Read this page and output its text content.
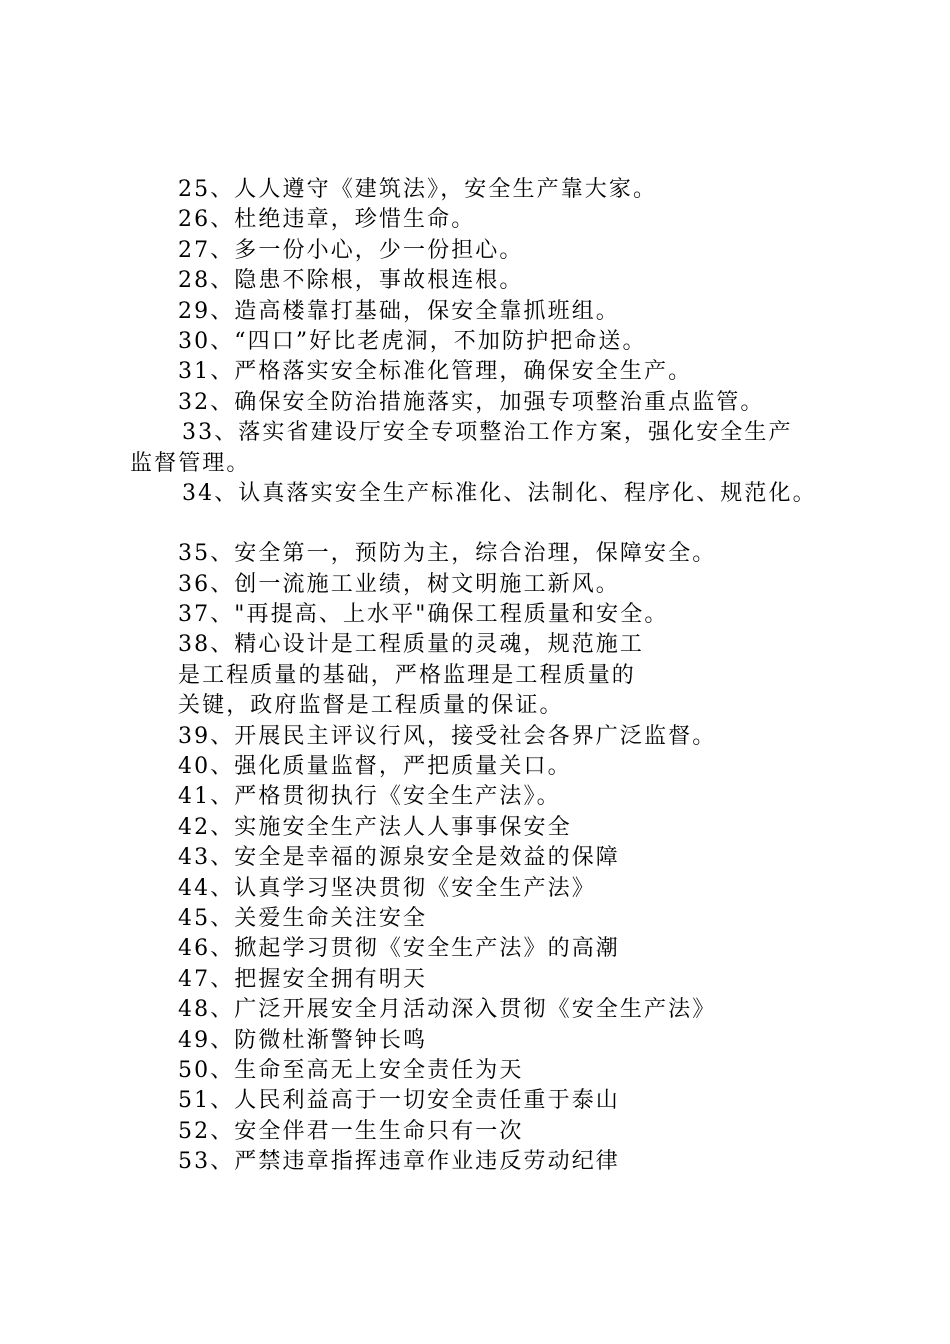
25、人人遵守《建筑法》，安全生产靠大家。
26、杜绝违章，珍惜生命。
27、多一份小心，少一份担心。
28、隐患不除根，事故根连根。
29、造高楼靠打基础，保安全靠抓班组。
30、“四口”好比老虎洞，不加防护把命送。
31、严格落实安全标准化管理，确保安全生产。
32、确保安全防治措施落实，加强专项整治重点监管。
33、落实省建设厅安全专项整治工作方案，强化安全生产
监督管理。
34、认真落实安全生产标准化、法制化、程序化、规范化。
35、安全第一，预防为主，综合治理，保障安全。
36、创一流施工业绩，树文明施工新风。
37、"再提高、上水平"确保工程质量和安全。
38、精心设计是工程质量的灵魂，规范施工
是工程质量的基础，严格监理是工程质量的
关键，政府监督是工程质量的保证。
39、开展民主评议行风，接受社会各界广泛监督。
40、强化质量监督，严把质量关口。
41、严格贯彻执行《安全生产法》。
42、实施安全生产法人人事事保安全
43、安全是幸福的源泉安全是效益的保障
44、认真学习坚决贯彻《安全生产法》
45、关爱生命关注安全
46、掀起学习贯彻《安全生产法》的高潮
47、把握安全拥有明天
48、广泛开展安全月活动深入贯彻《安全生产法》
49、防微杜渐警钟长鸣
50、生命至高无上安全责任为天
51、人民利益高于一切安全责任重于泰山
52、安全伴君一生生命只有一次
53、严禁违章指挥违章作业违反劳动纪律
